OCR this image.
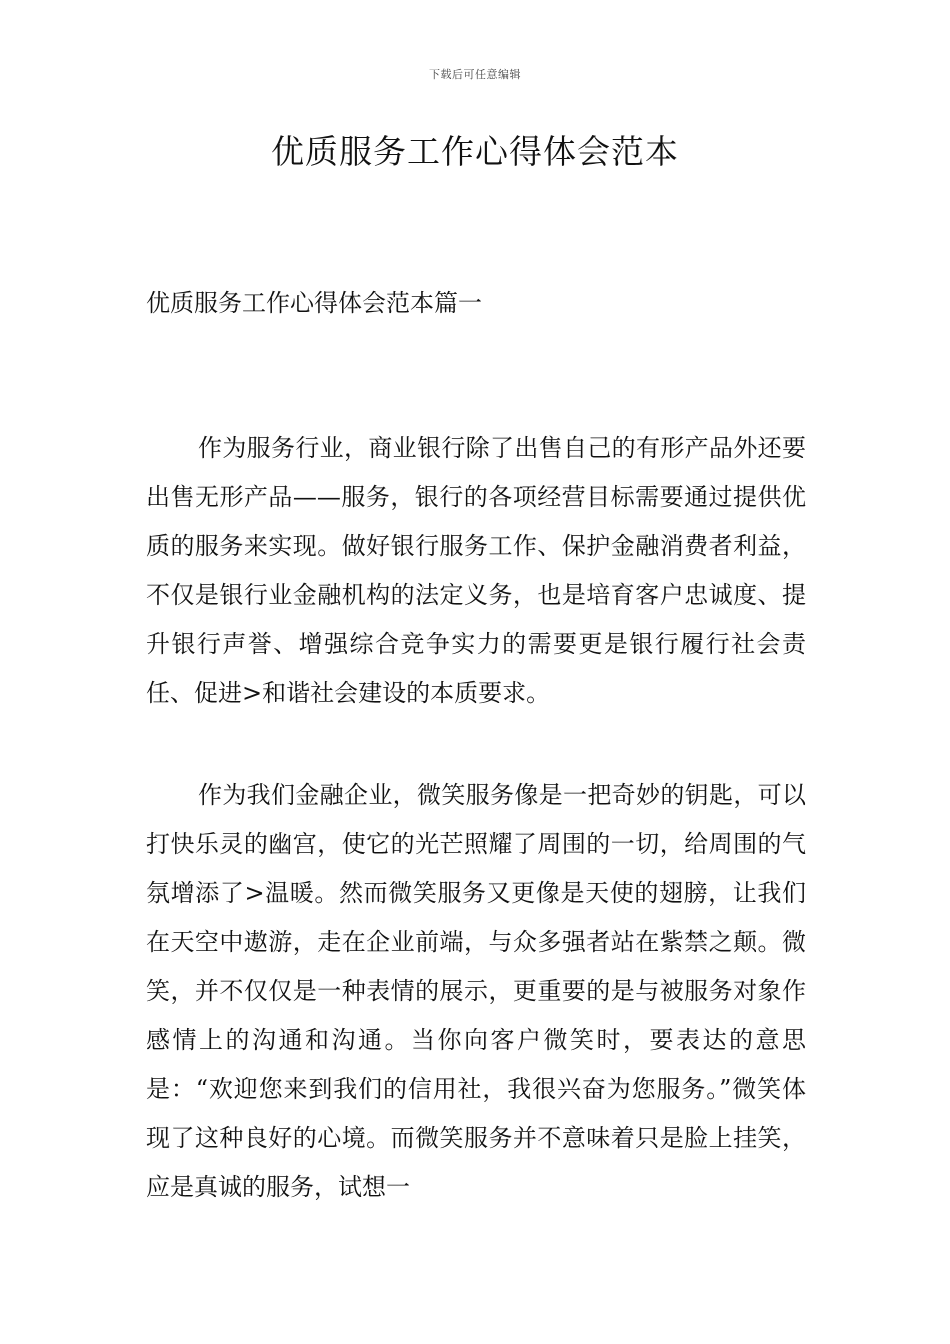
下载后可任意编辑
优质服务工作心得体会范本
优质服务工作心得体会范本篇一

作为服务行业，商业银行除了出售自己的有形产品外还要出售无形产品——服务，银行的各项经营目标需要通过提供优质的服务来实现。做好银行服务工作、保护金融消费者利益，不仅是银行业金融机构的法定义务，也是培育客户忠诚度、提升银行声誉、增强综合竞争实力的需要更是银行履行社会责任、促进>和谐社会建设的本质要求。

作为我们金融企业，微笑服务像是一把奇妙的钥匙，可以打快乐灵的幽宫，使它的光芒照耀了周围的一切，给周围的气氛增添了>温暖。然而微笑服务又更像是天使的翅膀，让我们在天空中遨游，走在企业前端，与众多强者站在紫禁之颠。微笑，并不仅仅是一种表情的展示，更重要的是与被服务对象作感情上的沟通和沟通。当你向客户微笑时，要表达的意思是：“欢迎您来到我们的信用社，我很兴奋为您服务。”微笑体现了这种良好的心境。而微笑服务并不意味着只是脸上挂笑，应是真诚的服务，试想一
